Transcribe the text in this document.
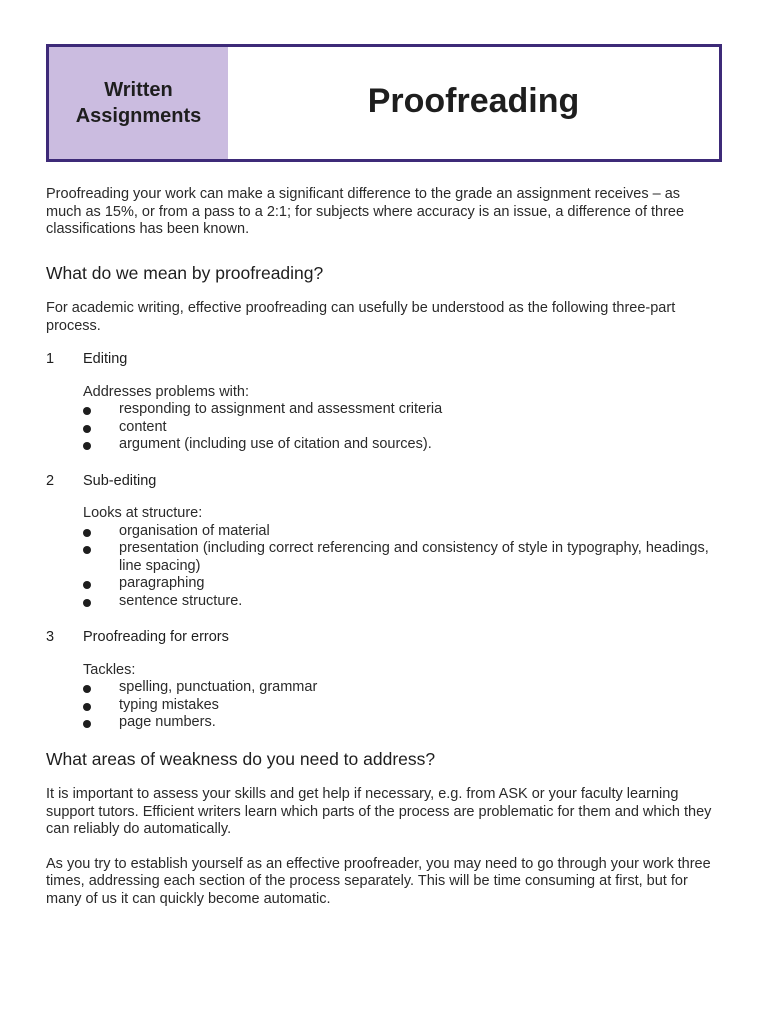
Written
Assignments	Proofreading

Proofreading your work can make a significant difference to the grade an assignment receives – as much as 15%, or from a pass to a 2:1; for subjects where accuracy is an issue, a difference of three classifications has been known.

What do we mean by proofreading?

For academic writing, effective proofreading can usefully be understood as the following three-part process.

1	Editing

Addresses problems with:

responding to assignment and assessment criteria
content
argument (including use of citation and sources).
2	Sub-editing

Looks at structure:

organisation of material
presentation (including correct referencing and consistency of style in typography, headings, line spacing)
paragraphing
sentence structure.
3	Proofreading for errors

Tackles:

spelling, punctuation, grammar
typing mistakes
page numbers.
What areas of weakness do you need to address?

It is important to assess your skills and get help if necessary, e.g. from ASK or your faculty learning support tutors. Efficient writers learn which parts of the process are problematic for them and which they can reliably do automatically.

As you try to establish yourself as an effective proofreader, you may need to go through your work three times, addressing each section of the process separately. This will be time consuming at first, but for many of us it can quickly become automatic.
